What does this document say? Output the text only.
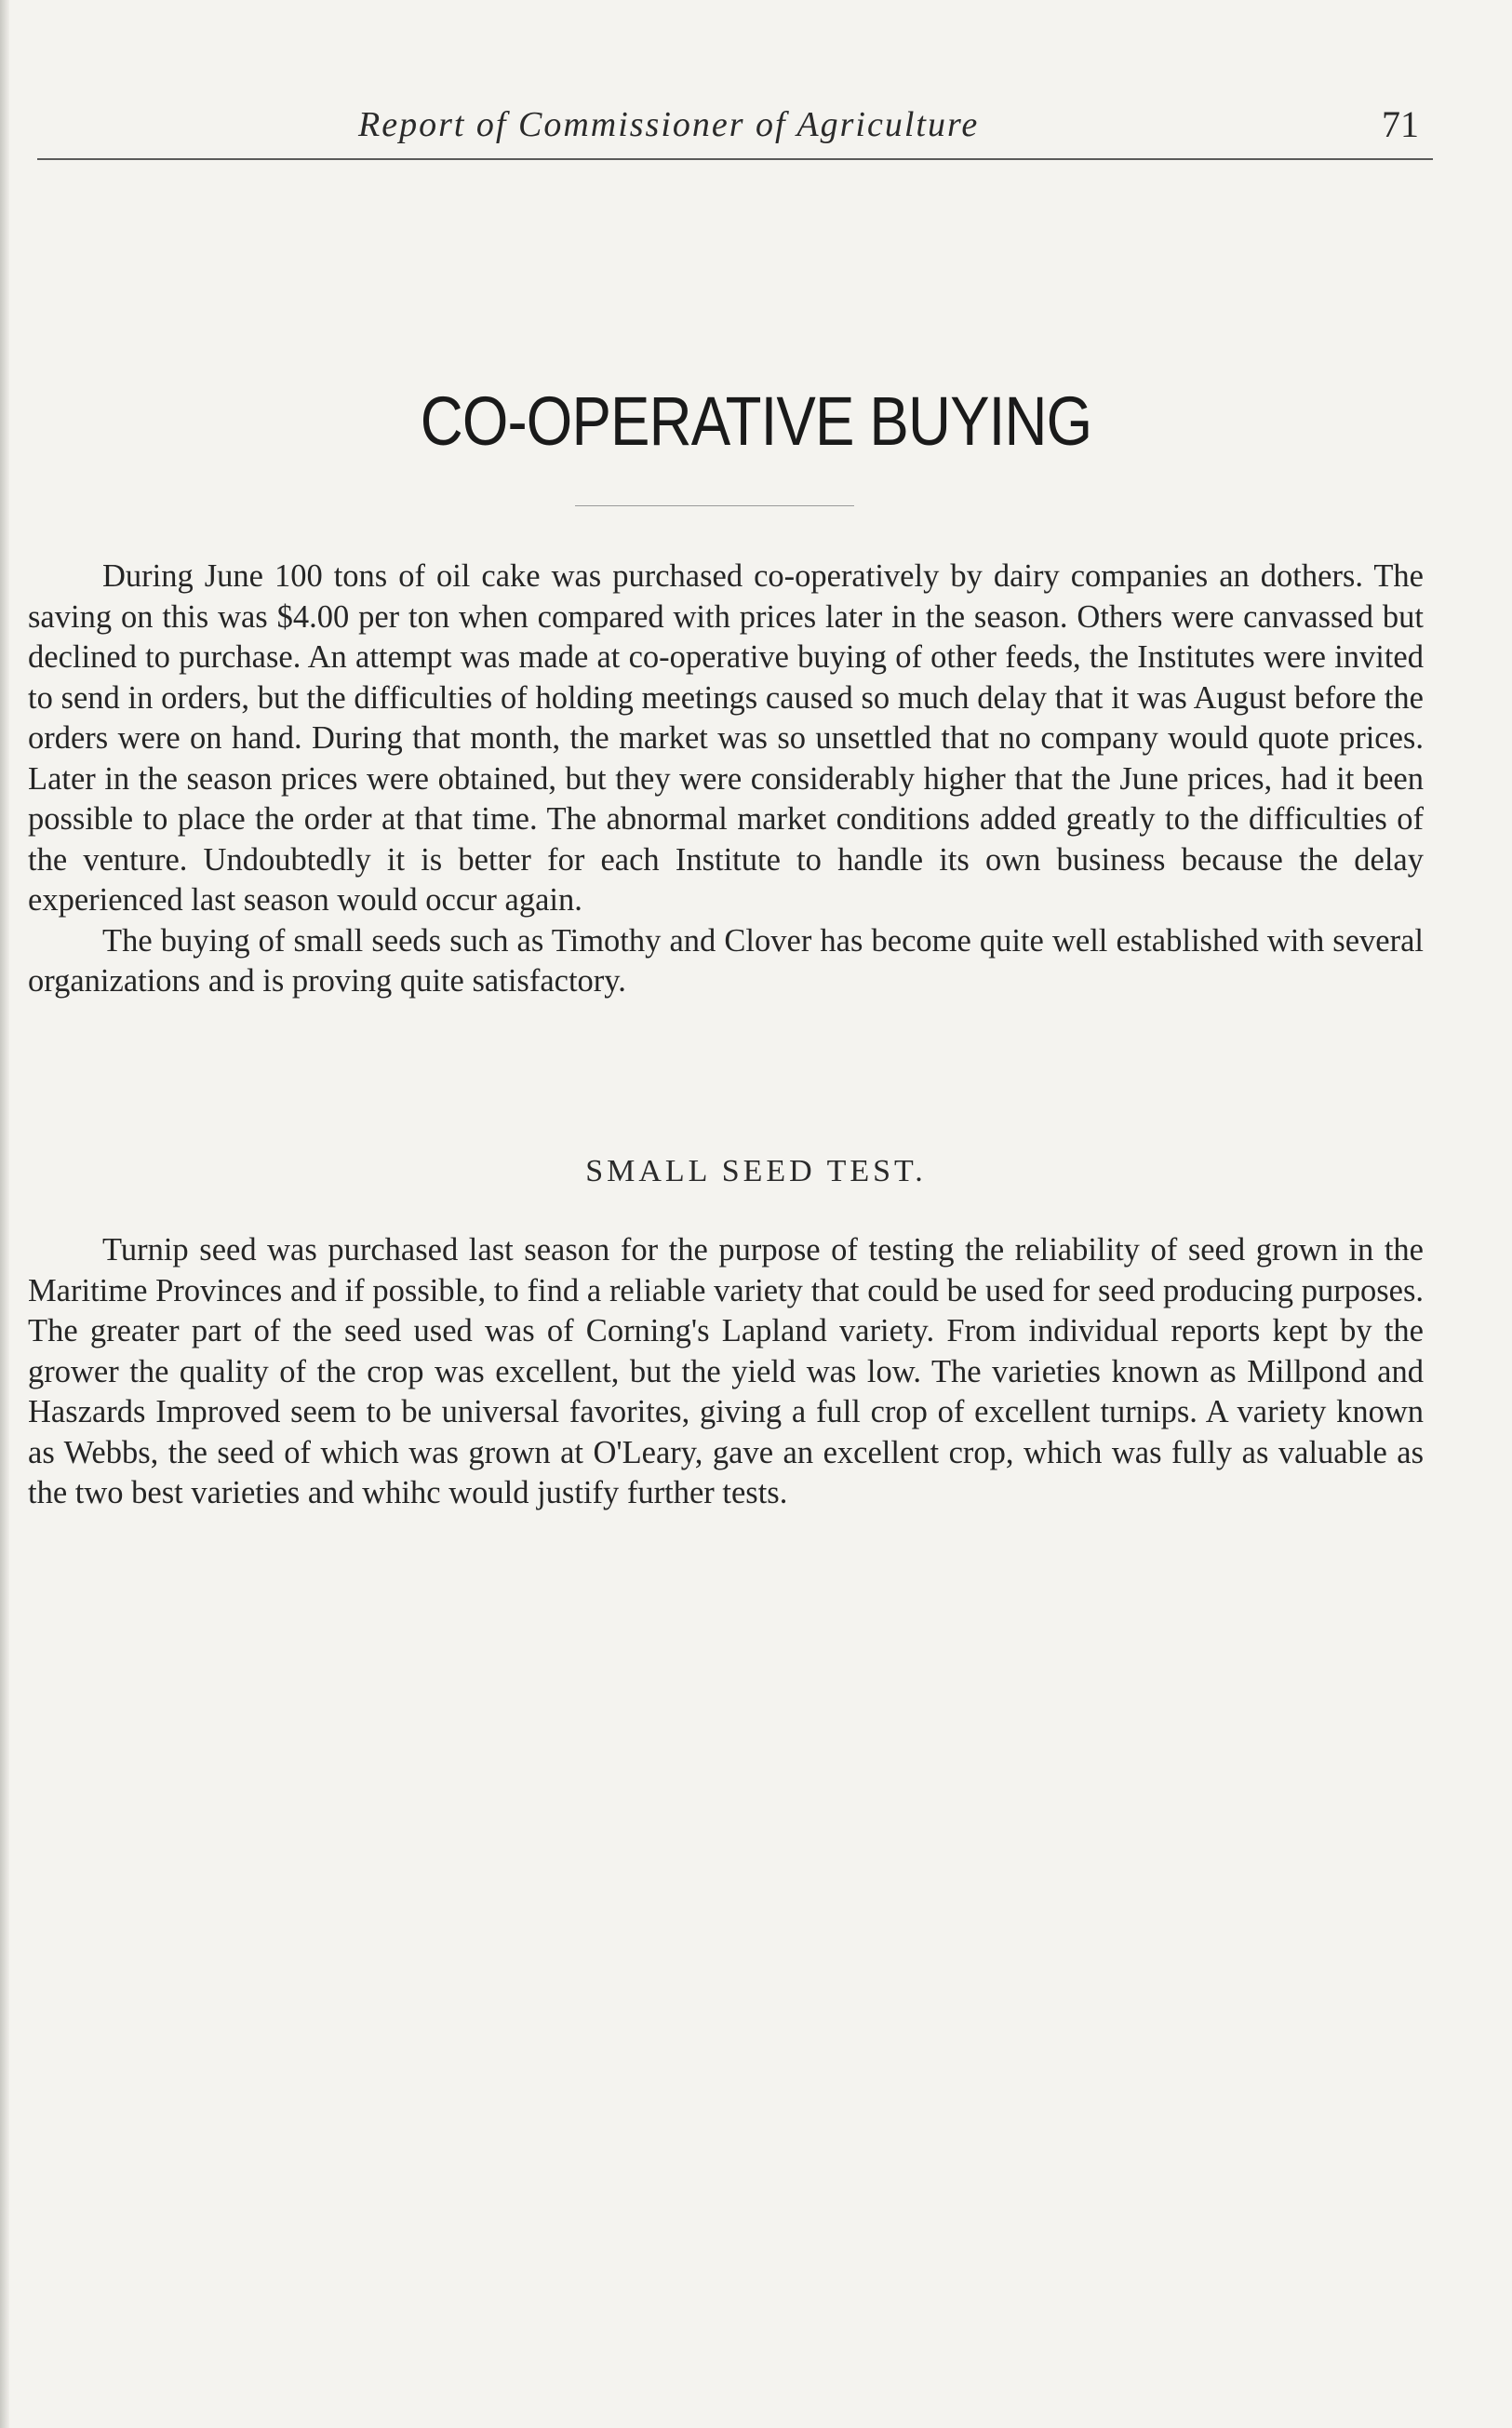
Report of Commissioner of Agriculture	71
CO-OPERATIVE BUYING

During June 100 tons of oil cake was purchased co-operatively by dairy companies an dothers. The saving on this was $4.00 per ton when compared with prices later in the season. Others were canvassed but declined to purchase. An attempt was made at co-operative buying of other feeds, the Institutes were invited to send in orders, but the difficulties of holding meetings caused so much delay that it was August before the orders were on hand. During that month, the market was so unsettled that no company would quote prices. Later in the season prices were obtained, but they were considerably higher that the June prices, had it been possible to place the order at that time. The abnormal market conditions added greatly to the difficulties of the venture. Undoubtedly it is better for each Institute to handle its own business because the delay experienced last season would occur again.

The buying of small seeds such as Timothy and Clover has become quite well established with several organizations and is proving quite satisfactory.

SMALL SEED TEST.

Turnip seed was purchased last season for the purpose of testing the reliability of seed grown in the Maritime Provinces and if possible, to find a reliable variety that could be used for seed producing purposes. The greater part of the seed used was of Corning's Lapland variety. From individual reports kept by the grower the quality of the crop was excellent, but the yield was low. The varieties known as Millpond and Haszards Improved seem to be universal favorites, giving a full crop of excellent turnips. A variety known as Webbs, the seed of which was grown at O'Leary, gave an excellent crop, which was fully as valuable as the two best varieties and whihc would justify further tests.
